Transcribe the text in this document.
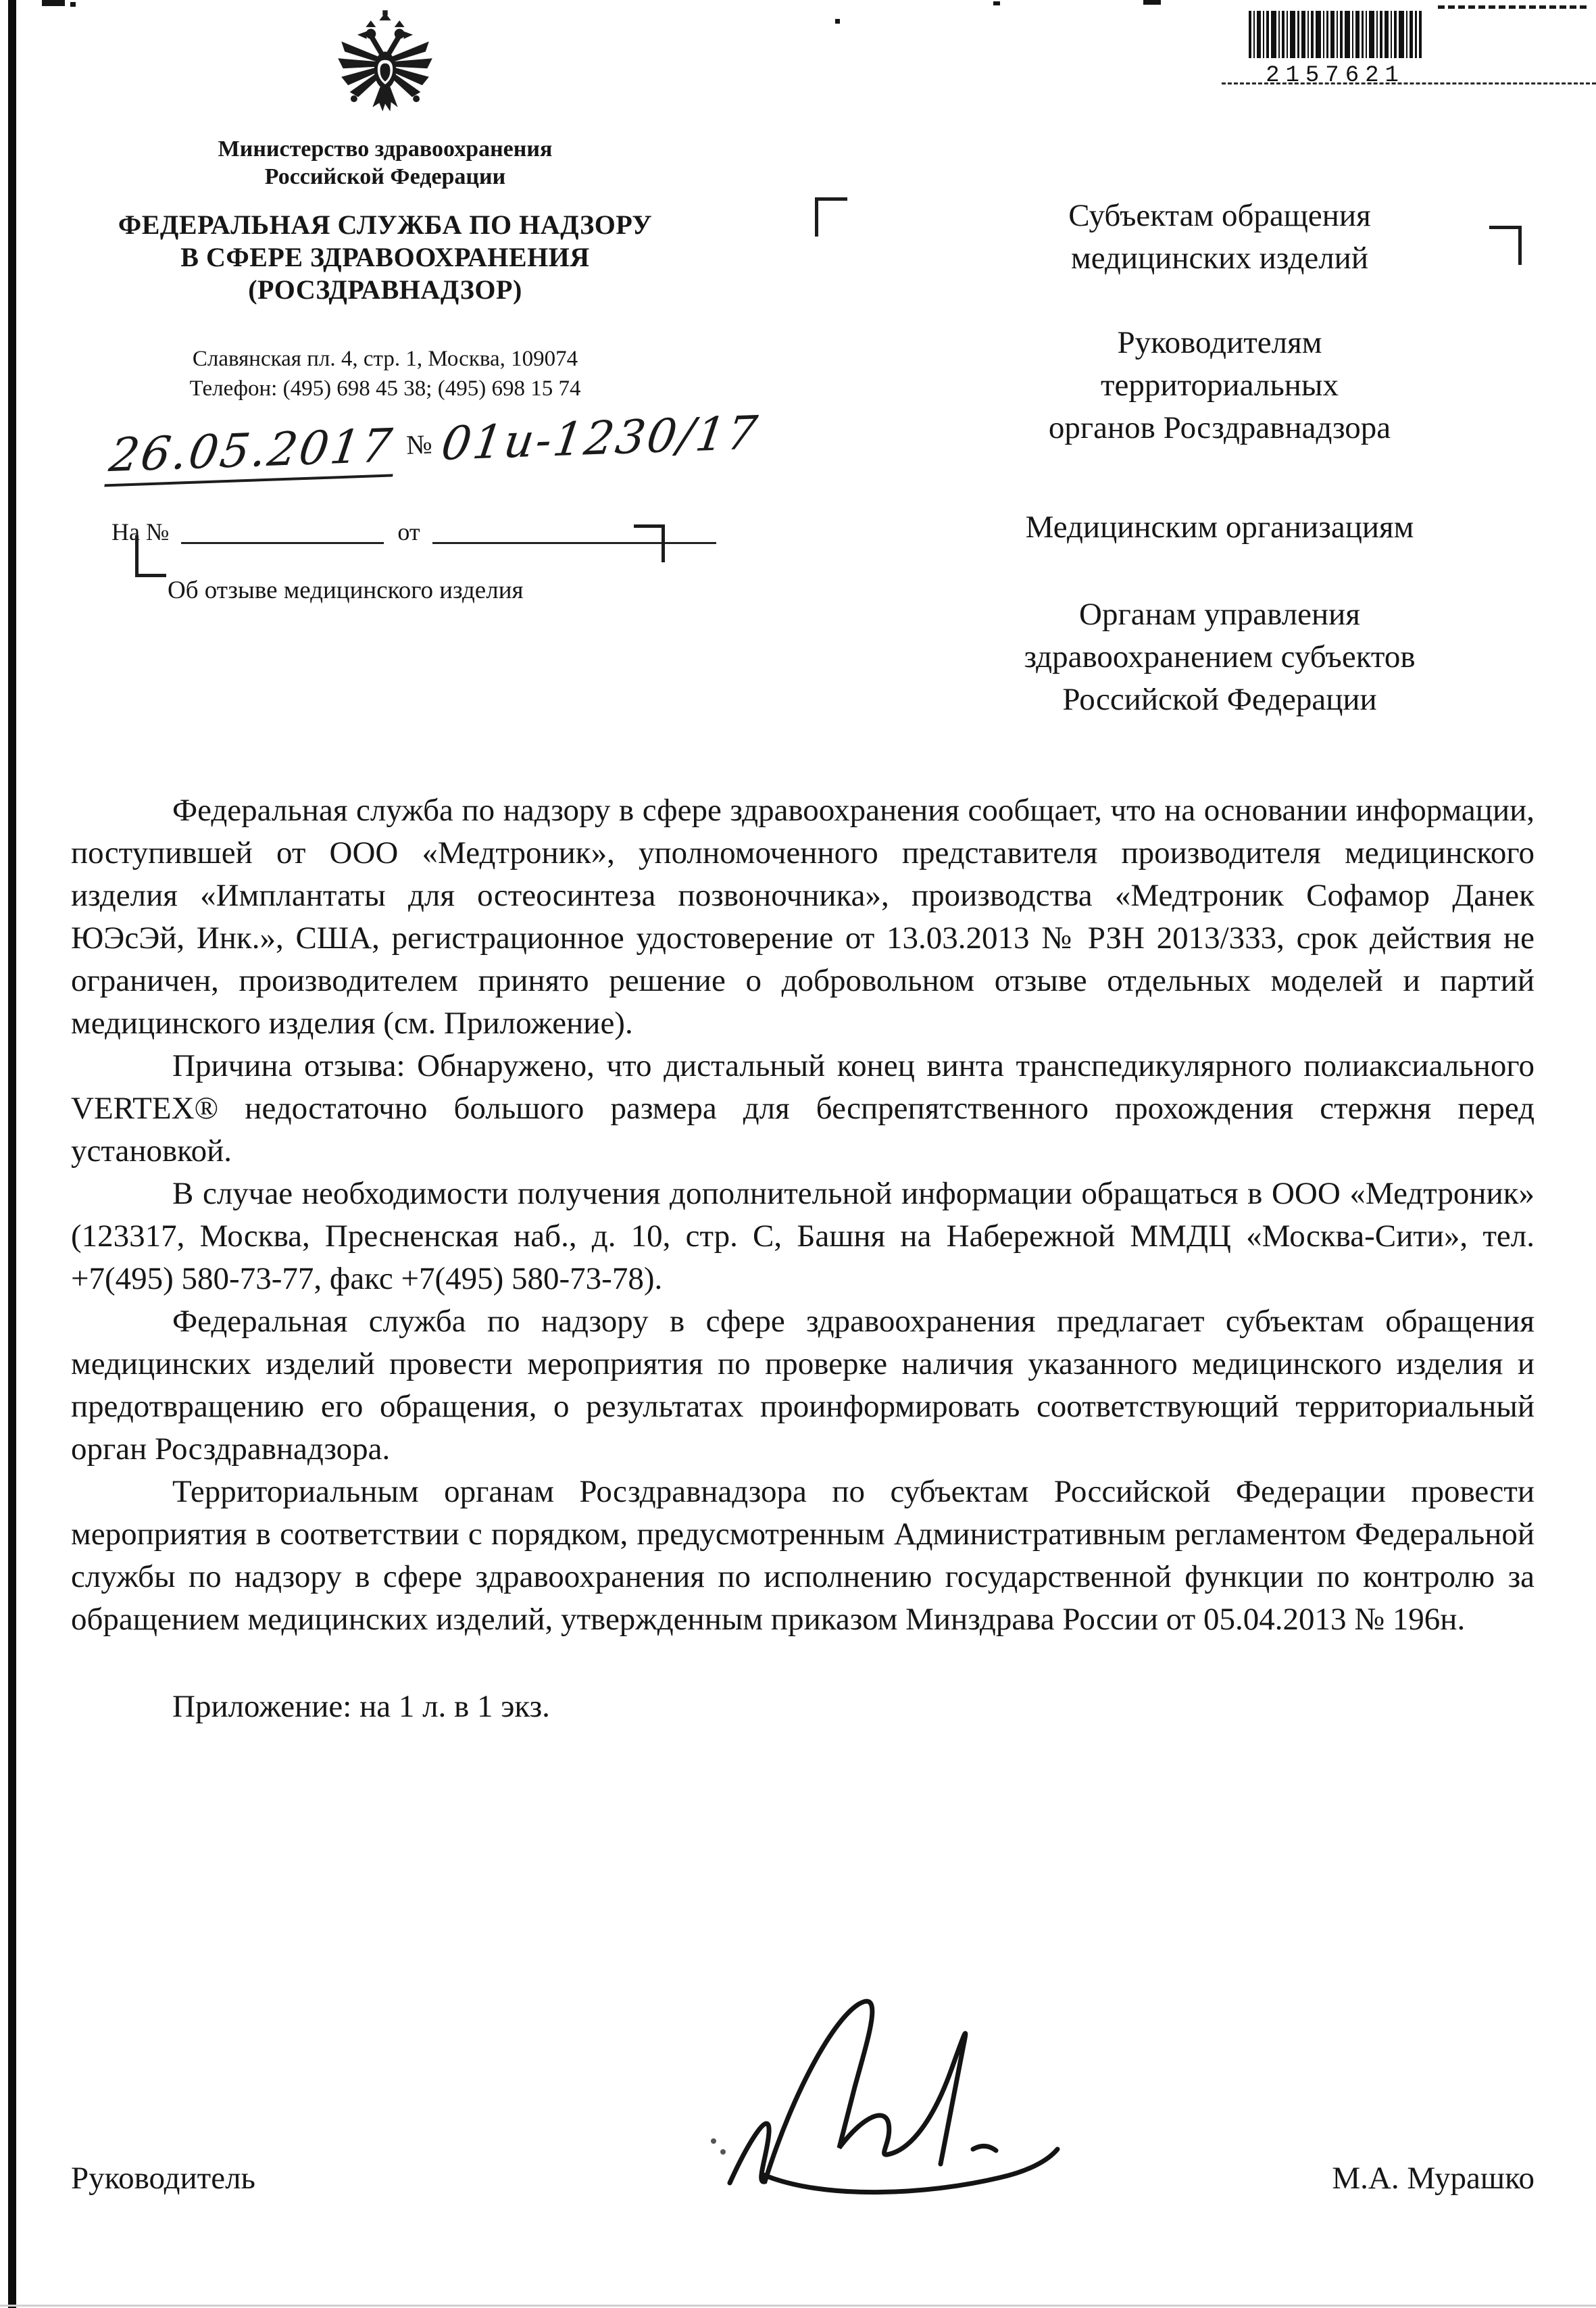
Министерство здравоохранения
Российской Федерации
ФЕДЕРАЛЬНАЯ СЛУЖБА ПО НАДЗОРУ
В СФЕРЕ ЗДРАВООХРАНЕНИЯ
(РОСЗДРАВНАДЗОР)
Славянская пл. 4, стр. 1, Москва, 109074
Телефон: (495) 698 45 38; (495) 698 15 74
26.05.2017 № 01и-1230/17
На №	от
Об отзыве медицинского изделия
2157621
Субъектам обращения
медицинских изделий
Руководителям
территориальных
органов Росздравнадзора
Медицинским организациям
Органам управления
здравоохранением субъектов
Российской Федерации

Федеральная служба по надзору в сфере здравоохранения сообщает, что на основании информации, поступившей от ООО «Медтроник», уполномоченного представителя производителя медицинского изделия «Имплантаты для остеосинтеза позвоночника», производства «Медтроник Софамор Данек ЮЭсЭй, Инк.», США, регистрационное удостоверение от 13.03.2013 № РЗН 2013/333, срок действия не ограничен, производителем принято решение о добровольном отзыве отдельных моделей и партий медицинского изделия (см. Приложение).

Причина отзыва: Обнаружено, что дистальный конец винта транспедикулярного полиаксиального VERTEX® недостаточно большого размера для беспрепятственного прохождения стержня перед установкой.

В случае необходимости получения дополнительной информации обращаться в ООО «Медтроник» (123317, Москва, Пресненская наб., д. 10, стр. С, Башня на Набережной ММДЦ «Москва-Сити», тел. +7(495) 580-73-77, факс +7(495) 580-73-78).

Федеральная служба по надзору в сфере здравоохранения предлагает субъектам обращения медицинских изделий провести мероприятия по проверке наличия указанного медицинского изделия и предотвращению его обращения, о результатах проинформировать соответствующий территориальный орган Росздравнадзора.

Территориальным органам Росздравнадзора по субъектам Российской Федерации провести мероприятия в соответствии с порядком, предусмотренным Административным регламентом Федеральной службы по надзору в сфере здравоохранения по исполнению государственной функции по контролю за обращением медицинских изделий, утвержденным приказом Минздрава России от 05.04.2013 № 196н.

Приложение: на 1 л. в 1 экз.

Руководитель	М.А. Мурашко
